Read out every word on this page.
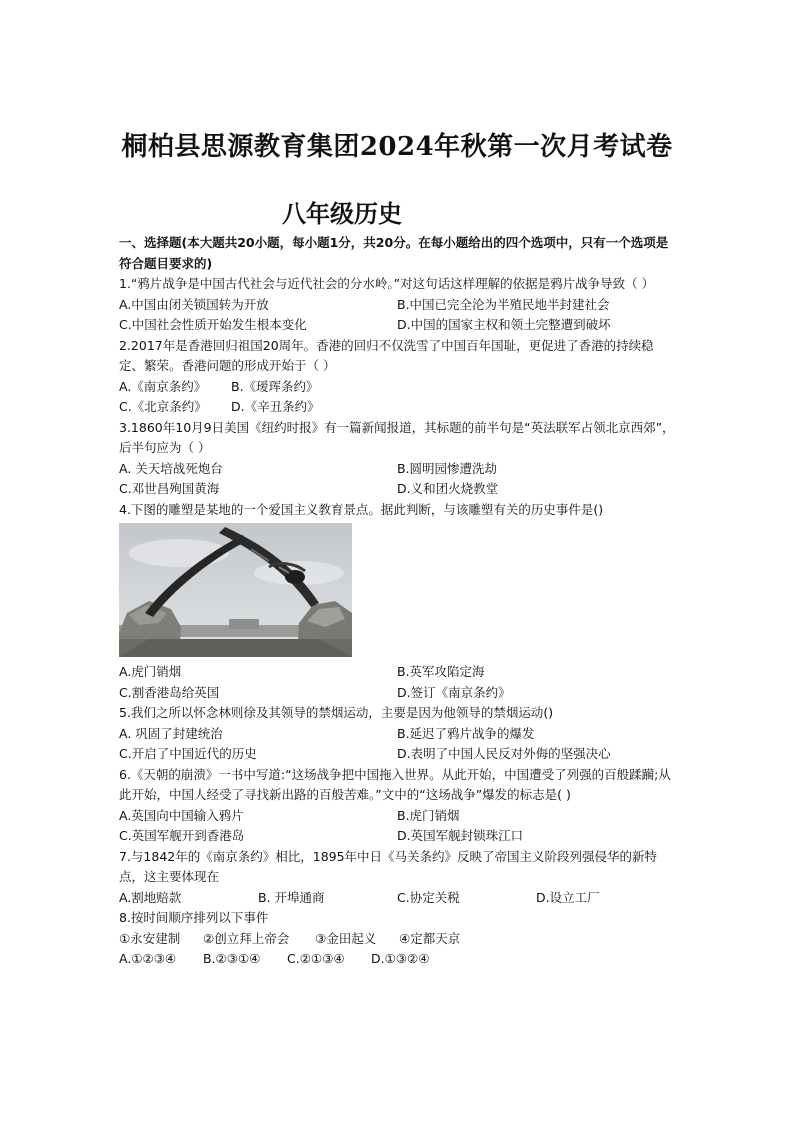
桐柏县思源教育集团2024年秋第一次月考试卷
八年级历史
一、选择题(本大题共20小题，每小题1分，共20分。在每小题给出的四个选项中，只有一个选项是符合题目要求的)
1.“鸦片战争是中国古代社会与近代社会的分水岭。”对这句话这样理解的依据是鸦片战争导致（ ）
A.中国由闭关锁国转为开放	B.中国已完全沦为半殖民地半封建社会
C.中国社会性质开始发生根本变化	D.中国的国家主权和领土完整遭到破坏
2.2017年是香港回归祖国20周年。香港的回归不仅洗雪了中国百年国耻，更促进了香港的持续稳定、繁荣。香港问题的形成开始于（ ）
A.《南京条约》	B.《瑷珲条约》
C.《北京条约》	D.《辛丑条约》
3.1860年10月9日美国《纽约时报》有一篇新闻报道，其标题的前半句是“英法联军占领北京西郊”，后半句应为（ ）
A. 关天培战死炮台	B.圆明园惨遭洗劫
C.邓世昌殉国黄海	D.义和团火烧教堂
4.下图的雕塑是某地的一个爱国主义教育景点。据此判断，与该雕塑有关的历史事件是()
A.虎门销烟	B.英军攻陷定海
C.割香港岛给英国	D.签订《南京条约》
5.我们之所以怀念林则徐及其领导的禁烟运动，主要是因为他领导的禁烟运动()
A. 巩固了封建统治	B.延迟了鸦片战争的爆发
C.开启了中国近代的历史	D.表明了中国人民反对外侮的坚强决心
6.《天朝的崩溃》一书中写道:“这场战争把中国拖入世界。从此开始，中国遭受了列强的百般蹂躏;从此开始，中国人经受了寻找新出路的百般苦难。”文中的“这场战争”爆发的标志是( )
A.英国向中国输入鸦片	B.虎门销烟
C.英国军舰开到香港岛	D.英国军舰封锁珠江口
7.与1842年的《南京条约》相比，1895年中日《马关条约》反映了帝国主义阶段列强侵华的新特点，这主要体现在
A.割地赔款	B. 开埠通商	C.协定关税	D.设立工厂
8.按时间顺序排列以下事件
①永安建制	②创立拜上帝会	③金田起义	④定都天京
A.①②③④	B.②③①④	C.②①③④	D.①③②④
